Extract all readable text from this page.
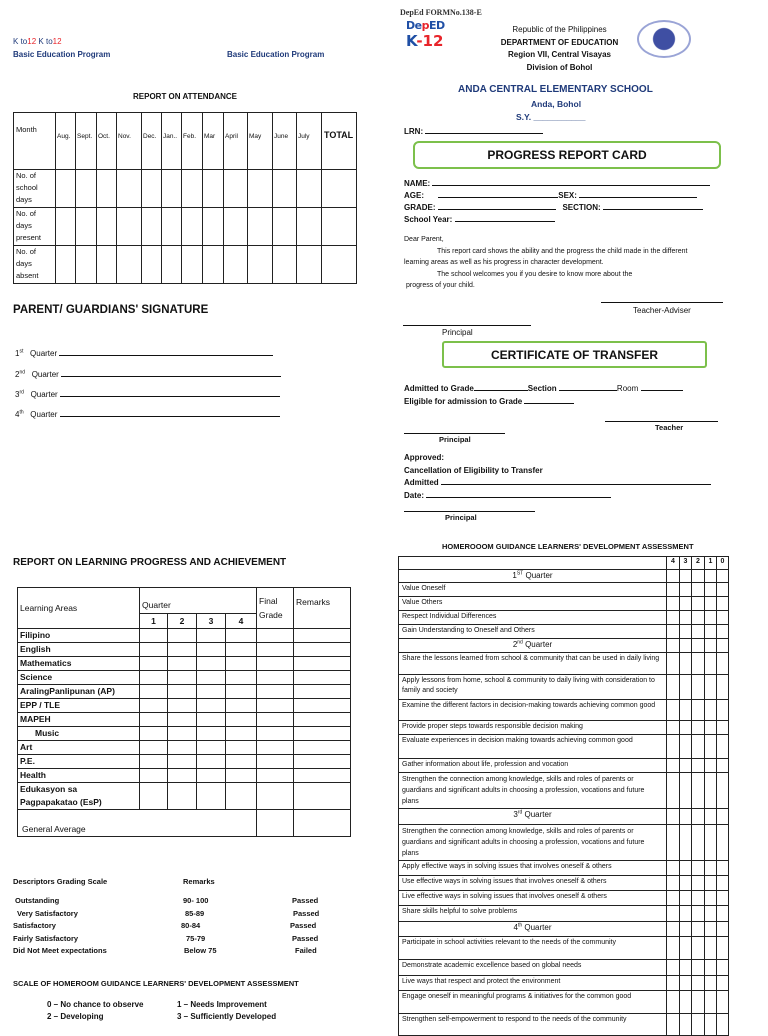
K to12 K to12
Basic Education Program	Basic Education Program
REPORT ON ATTENDANCE
Month	Aug.	Sept.	Oct.	Nov.	Dec.	Jan..	Feb.	Mar	April	May	June	July	TOTAL
No. of school days													
No. of days present													
No. of days absent													
PARENT/ GUARDIANS' SIGNATURE
1st Quarter
2nd Quarter
3rd Quarter
4th Quarter
REPORT ON LEARNING PROGRESS AND ACHIEVEMENT
Learning Areas	Quarter				Final Grade	Remarks
	1	2	3	4		
Filipino						
English						
Mathematics						
Science						
AralingPanlipunan (AP)						
EPP / TLE						
MAPEH						
Music						
Art						
P.E.						
Health						
Edukasyon sa Pagpapakatao (EsP)						
General Average						
Descriptors Grading Scale	Remarks
Outstanding	90- 100	Passed
Very Satisfactory	85-89	Passed
Satisfactory	80-84	Passed
Fairly Satisfactory	75-79	Passed
Did Not Meet expectations	Below 75	Failed
SCALE OF HOMEROOM GUIDANCE LEARNERS' DEVELOPMENT ASSESSMENT
0 – No chance to observe	1 – Needs Improvement
2 – Developing	3 – Sufficiently Developed
DepEd FORMNo.138-E
DepED
K-12
Republic of the Philippines
DEPARTMENT OF EDUCATION
Region VII, Central Visayas
Division of Bohol
ANDA CENTRAL ELEMENTARY SCHOOL
Anda, Bohol
S.Y. ___________
LRN:
PROGRESS REPORT CARD
NAME:
AGE:	SEX:
GRADE:	SECTION:
School Year:
Dear Parent,
This report card shows the ability and the progress the child made in the different
learning areas as well as his progress in character development.
The school welcomes you if you desire to know more about the
progress of your child.
Teacher-Adviser
Principal
CERTIFICATE OF TRANSFER
Admitted to Grade	Section	Room
Eligible for admission to Grade
Teacher
Principal
Approved:
Cancellation of Eligibility to Transfer
Admitted
Date:
Principal
HOMEROOOM GUIDANCE LEARNERS' DEVELOPMENT ASSESSMENT
	4	3	2	1	0
1ST Quarter					
Value Oneself					
Value Others					
Respect Individual Differences					
Gain Understanding to Oneself and Others					
2nd Quarter					
Share the lessons learned from school & community that can be used in daily living					
Apply lessons from home, school & community to daily living with consideration to family and society					
Examine the different factors in decision-making towards achieving common good					
Provide proper steps towards responsible decision making					
Evaluate experiences in decision making towards achieving common good					
Gather information about life, profession and vocation					
Strengthen the connection among knowledge, skills and roles of parents or guardians and significant adults in choosing a profession, vocations and future plans					
3rd Quarter					
Strengthen the connection among knowledge, skills and roles of parents or guardians and significant adults in choosing a profession, vocations and future plans					
Apply effective ways in solving issues that involves oneself & others					
Use effective ways in solving issues that involves oneself & others					
Live effective ways in solving issues that involves oneself & others					
Share skills helpful to solve problems					
4th Quarter					
Participate in school activities relevant to the needs of the community					
Demonstrate academic excellence based on global needs					
Live ways that respect and protect the environment					
Engage oneself in meaningful programs & initiatives for the common good					
Strengthen self-empowerment to respond to the needs of the community					
